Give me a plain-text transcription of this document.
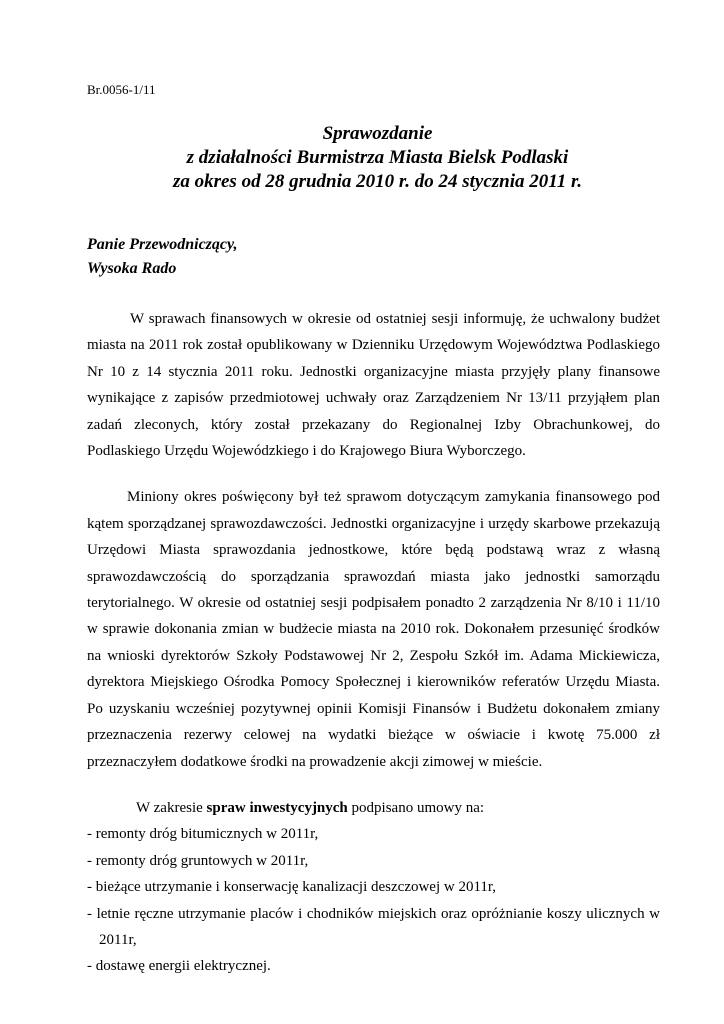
Br.0056-1/11
Sprawozdanie
z działalności Burmistrza Miasta Bielsk Podlaski
za okres od 28 grudnia 2010 r. do 24 stycznia 2011 r.
Panie Przewodniczący,
Wysoka Rado

W sprawach finansowych w okresie od ostatniej sesji informuję, że uchwalony budżet miasta na 2011 rok został opublikowany w Dzienniku Urzędowym Województwa Podlaskiego Nr 10 z 14 stycznia 2011 roku. Jednostki organizacyjne miasta przyjęły plany finansowe wynikające z zapisów przedmiotowej uchwały oraz Zarządzeniem Nr 13/11 przyjąłem plan zadań zleconych, który został przekazany do Regionalnej Izby Obrachunkowej, do Podlaskiego Urzędu Wojewódzkiego i do Krajowego Biura Wyborczego.

Miniony okres poświęcony był też sprawom dotyczącym zamykania finansowego pod kątem sporządzanej sprawozdawczości. Jednostki organizacyjne i urzędy skarbowe przekazują Urzędowi Miasta sprawozdania jednostkowe, które będą podstawą wraz z własną sprawozdawczością do sporządzania sprawozdań miasta jako jednostki samorządu terytorialnego. W okresie od ostatniej sesji podpisałem ponadto 2 zarządzenia Nr 8/10 i 11/10 w sprawie dokonania zmian w budżecie miasta na 2010 rok. Dokonałem przesunięć środków na wnioski dyrektorów Szkoły Podstawowej Nr 2, Zespołu Szkół im. Adama Mickiewicza, dyrektora Miejskiego Ośrodka Pomocy Społecznej i kierowników referatów Urzędu Miasta. Po uzyskaniu wcześniej pozytywnej opinii Komisji Finansów i Budżetu dokonałem zmiany przeznaczenia rezerwy celowej na wydatki bieżące w oświacie i kwotę 75.000 zł przeznaczyłem dodatkowe środki na prowadzenie akcji zimowej w mieście.

W zakresie spraw inwestycyjnych podpisano umowy na:

- remonty dróg bitumicznych w 2011r,
- remonty dróg gruntowych w 2011r,
- bieżące utrzymanie i konserwację kanalizacji deszczowej w 2011r,
- letnie ręczne utrzymanie placów i chodników miejskich oraz opróżnianie koszy ulicznych w 2011r,
- dostawę energii elektrycznej.
